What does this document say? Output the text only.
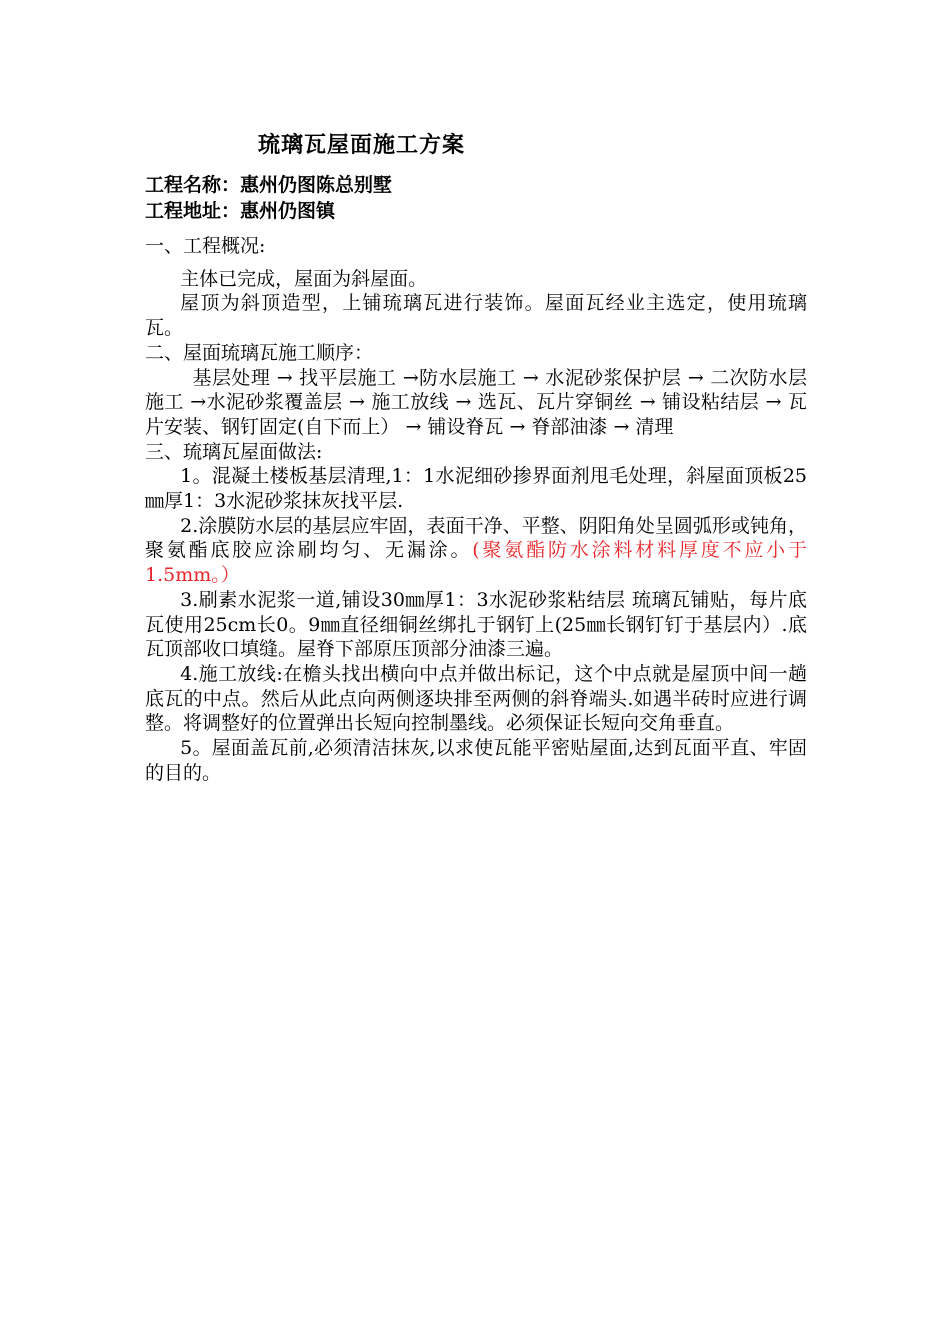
琉璃瓦屋面施工方案

工程名称：惠州仍图陈总别墅

工程地址：惠州仍图镇

一、工程概况:

主体已完成，屋面为斜屋面。

屋顶为斜顶造型，上铺琉璃瓦进行装饰。屋面瓦经业主选定，使用琉璃瓦。

二、屋面琉璃瓦施工顺序：

基层处理 → 找平层施工 →防水层施工 → 水泥砂浆保护层 → 二次防水层施工 →水泥砂浆覆盖层 → 施工放线 → 选瓦、瓦片穿铜丝 → 铺设粘结层 → 瓦片安装、钢钉固定(自下而上） → 铺设脊瓦 → 脊部油漆 → 清理

三、琉璃瓦屋面做法:

1。混凝土楼板基层清理,1：1水泥细砂掺界面剂甩毛处理，斜屋面顶板25㎜厚1：3水泥砂浆抹灰找平层.

2.涂膜防水层的基层应牢固，表面干净、平整、阴阳角处呈圆弧形或钝角，聚氨酯底胶应涂刷均匀、无漏涂。(聚氨酯防水涂料材料厚度不应小于1.5mm。）

3.刷素水泥浆一道,铺设30㎜厚1：3水泥砂浆粘结层 琉璃瓦铺贴，每片底瓦使用25cm长0。9㎜直径细铜丝绑扎于钢钉上(25㎜长钢钉钉于基层内）.底瓦顶部收口填缝。屋脊下部原压顶部分油漆三遍。

4.施工放线:在檐头找出横向中点并做出标记，这个中点就是屋顶中间一趟底瓦的中点。然后从此点向两侧逐块排至两侧的斜脊端头.如遇半砖时应进行调整。将调整好的位置弹出长短向控制墨线。必须保证长短向交角垂直。

5。屋面盖瓦前,必须清洁抹灰,以求使瓦能平密贴屋面,达到瓦面平直、牢固的目的。
